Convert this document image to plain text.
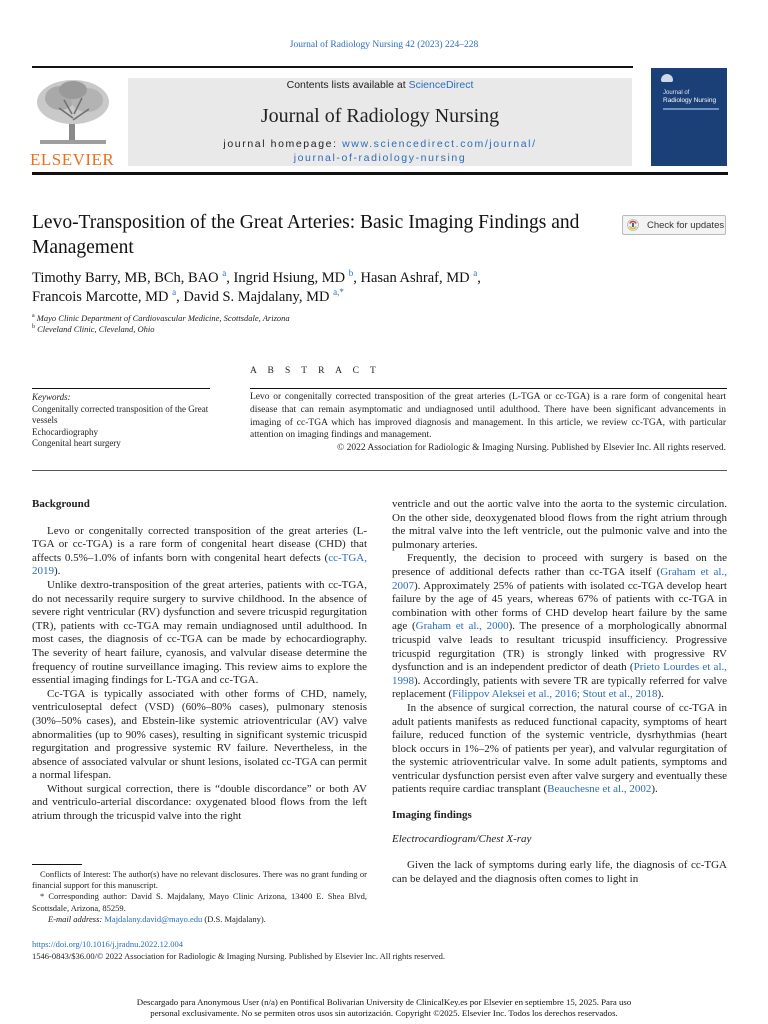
Journal of Radiology Nursing 42 (2023) 224–228
ELSEVIER
Contents lists available at ScienceDirect
Journal of Radiology Nursing
journal homepage: www.sciencedirect.com/journal/
journal-of-radiology-nursing
Journal of
Radiology Nursing
Levo-Transposition of the Great Arteries: Basic Imaging Findings and Management
Check for updates
Timothy Barry, MB, BCh, BAO $^a$, Ingrid Hsiung, MD $^b$, Hasan Ashraf, MD $^a$,
Francois Marcotte, MD $^a$, David S. Majdalany, MD $^{a,*}$
$^a$ Mayo Clinic Department of Cardiovascular Medicine, Scottsdale, Arizona
$^b$ Cleveland Clinic, Cleveland, Ohio
A B S T R A C T
Keywords:
Congenitally corrected transposition of the Great vessels
Echocardiography
Congenital heart surgery
Levo or congenitally corrected transposition of the great arteries (L-TGA or cc-TGA) is a rare form of congenital heart disease that can remain asymptomatic and undiagnosed until adulthood. There have been significant advancements in imaging of cc-TGA which has improved diagnosis and management. In this article, we review cc-TGA, with particular attention on imaging findings and management.
© 2022 Association for Radiologic & Imaging Nursing. Published by Elsevier Inc. All rights reserved.
Background

Levo or congenitally corrected transposition of the great arteries (L-TGA or cc-TGA) is a rare form of congenital heart disease (CHD) that affects 0.5%–1.0% of infants born with congenital heart defects (cc-TGA, 2019).

Unlike dextro-transposition of the great arteries, patients with cc-TGA, do not necessarily require surgery to survive childhood. In the absence of severe right ventricular (RV) dysfunction and severe tricuspid regurgitation (TR), patients with cc-TGA may remain undiagnosed until adulthood. In most cases, the diagnosis of cc-TGA can be made by echocardiography. The severity of heart failure, cyanosis, and valvular disease determine the frequency of routine surveillance imaging. This review aims to explore the essential imaging findings for L-TGA and cc-TGA.

Cc-TGA is typically associated with other forms of CHD, namely, ventriculoseptal defect (VSD) (60%–80% cases), pulmonary stenosis (30%–50% cases), and Ebstein-like systemic atrioventricular (AV) valve abnormalities (up to 90% cases), resulting in significant systemic tricuspid regurgitation and progressive systemic RV failure. Nevertheless, in the absence of associated valvular or shunt lesions, isolated cc-TGA can permit a normal lifespan.

Without surgical correction, there is “double discordance” or both AV and ventriculo-arterial discordance: oxygenated blood flows from the left atrium through the tricuspid valve into the right

ventricle and out the aortic valve into the aorta to the systemic circulation. On the other side, deoxygenated blood flows from the right atrium through the mitral valve into the left ventricle, out the pulmonic valve and into the pulmonary arteries.

Frequently, the decision to proceed with surgery is based on the presence of additional defects rather than cc-TGA itself (Graham et al., 2007). Approximately 25% of patients with isolated cc-TGA develop heart failure by the age of 45 years, whereas 67% of patients with cc-TGA in combination with other forms of CHD develop heart failure by the same age (Graham et al., 2000). The presence of a morphologically abnormal tricuspid valve leads to resultant tricuspid insufficiency. Progressive tricuspid regurgitation (TR) is strongly linked with progressive RV dysfunction and is an independent predictor of death (Prieto Lourdes et al., 1998). Accordingly, patients with severe TR are typically referred for valve replacement (Filippov Aleksei et al., 2016; Stout et al., 2018).

In the absence of surgical correction, the natural course of cc-TGA in adult patients manifests as reduced functional capacity, symptoms of heart failure, reduced function of the systemic ventricle, dysrhythmias (heart block occurs in 1%–2% of patients per year), and valvular regurgitation of the systemic atrioventricular valve. In some adult patients, symptoms and ventricular dysfunction persist even after valve surgery and eventually these patients require cardiac transplant (Beauchesne et al., 2002).

Imaging findings

Electrocardiogram/Chest X-ray

Given the lack of symptoms during early life, the diagnosis of cc-TGA can be delayed and the diagnosis often comes to light in

Conflicts of Interest: The author(s) have no relevant disclosures. There was no grant funding or financial support for this manuscript.

* Corresponding author: David S. Majdalany, Mayo Clinic Arizona, 13400 E. Shea Blvd, Scottsdale, Arizona, 85259.

E-mail address: Majdalany.david@mayo.edu (D.S. Majdalany).

https://doi.org/10.1016/j.jradnu.2022.12.004
1546-0843/$36.00/© 2022 Association for Radiologic & Imaging Nursing. Published by Elsevier Inc. All rights reserved.
Descargado para Anonymous User (n/a) en Pontifical Bolivarian University de ClinicalKey.es por Elsevier en septiembre 15, 2025. Para uso
personal exclusivamente. No se permiten otros usos sin autorización. Copyright ©2025. Elsevier Inc. Todos los derechos reservados.
